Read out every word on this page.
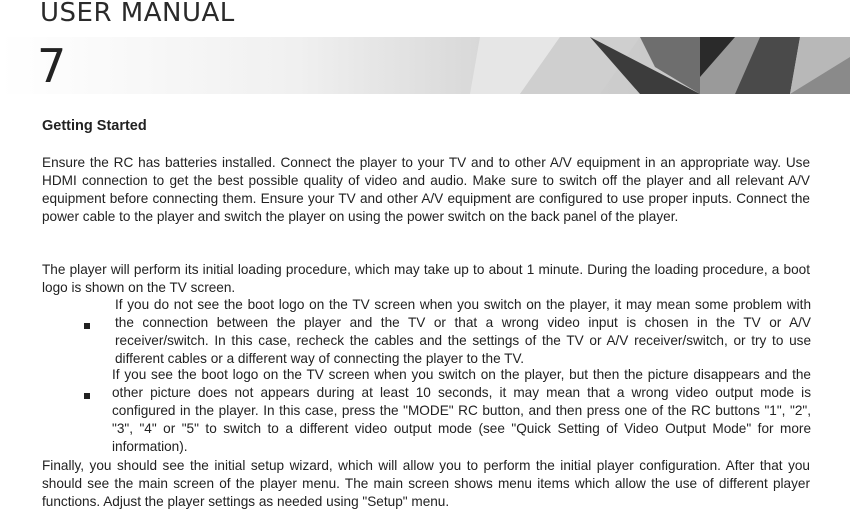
USER MANUAL
7
Getting Started

Ensure the RC has batteries installed. Connect the player to your TV and to other A/V equipment in an appropriate way. Use HDMI connection to get the best possible quality of video and audio. Make sure to switch off the player and all relevant A/V equipment before connecting them. Ensure your TV and other A/V equipment are configured to use proper inputs. Connect the power cable to the player and switch the player on using the power switch on the back panel of the player.

The player will perform its initial loading procedure, which may take up to about 1 minute. During the loading procedure, a boot logo is shown on the TV screen.

If you do not see the boot logo on the TV screen when you switch on the player, it may mean some problem with the connection between the player and the TV or that a wrong video input is chosen in the TV or A/V receiver/switch. In this case, recheck the cables and the settings of the TV or A/V receiver/switch, or try to use different cables or a different way of connecting the player to the TV.

If you see the boot logo on the TV screen when you switch on the player, but then the picture disappears and the other picture does not appears during at least 10 seconds, it may mean that a wrong video output mode is configured in the player. In this case, press the "MODE" RC button, and then press one of the RC buttons "1", "2", "3", "4" or "5" to switch to a different video output mode (see "Quick Setting of Video Output Mode" for more information).

Finally, you should see the initial setup wizard, which will allow you to perform the initial player configuration. After that you should see the main screen of the player menu. The main screen shows menu items which allow the use of different player functions. Adjust the player settings as needed using "Setup" menu.
